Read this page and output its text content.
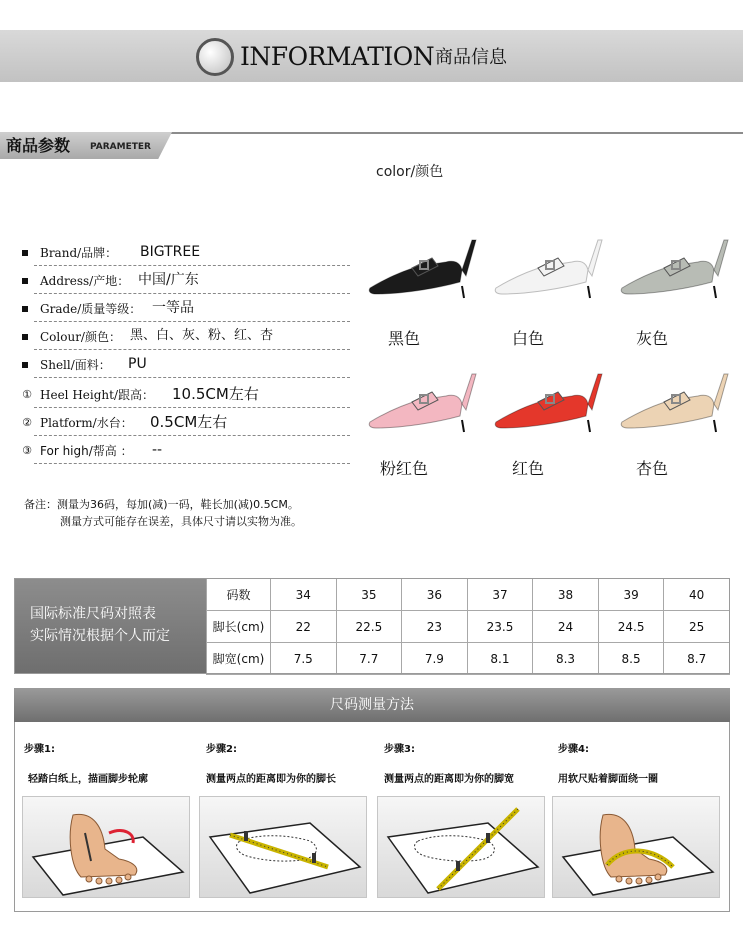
INFORMATION 商品信息
商品参数 PARAMETER
color/颜色
Brand/品牌： BIGTREE
Address/产地： 中国/广东
Grade/质量等级： 一等品
Colour/颜色： 黑、白、灰、粉、红、杏
Shell/面料： PU
① Heel Height/跟高： 10.5CM左右
② Platform/水台： 0.5CM左右
③ For high/帮高 ： --
备注：测量为36码，每加(减)一码，鞋长加(减)0.5CM。
测量方式可能存在误差，具体尺寸请以实物为准。
黑色	白色	灰色
粉红色	红色	杏色
国际标准尺码对照表
实际情况根据个人而定
码数	34	35	36	37	38	39	40
脚长(cm)	22	22.5	23	23.5	24	24.5	25
脚宽(cm)	7.5	7.7	7.9	8.1	8.3	8.5	8.7
尺码测量方法
步骤1:
轻踏白纸上，描画脚步轮廓
步骤2:
测量两点的距离即为你的脚长
步骤3:
测量两点的距离即为你的脚宽
步骤4:
用软尺贴着脚面绕一圈
